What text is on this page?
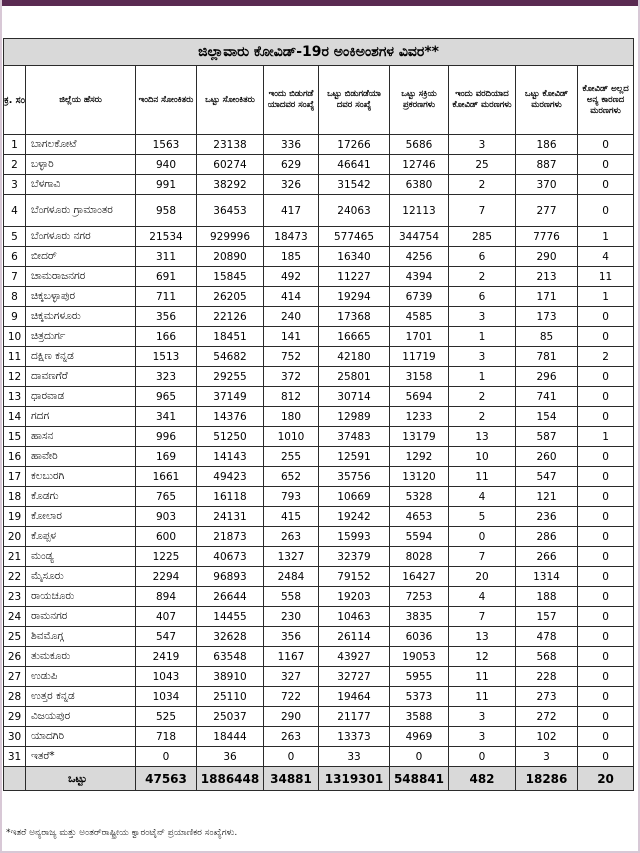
ಜಿಲ್ಲಾವಾರು ಕೋವಿಡ್-19ರ ಅಂಕಿಅಂಶಗಳ ವಿವರ**									
ಕ್ರ. ಸಂ	ಜಿಲ್ಲೆಯ ಹೆಸರು	ಇಂದಿನ ಸೋಂಕಿತರು	ಒಟ್ಟು ಸೋಂಕಿತರು	ಇಂದು ಬಿಡುಗಡೆ ಯಾದವರ ಸಂಖ್ಯೆ	ಒಟ್ಟು ಬಿಡುಗಡೆಯಾ ದವರ ಸಂಖ್ಯೆ	ಒಟ್ಟು ಸಕ್ರಿಯ ಪ್ರಕರಣಗಳು	ಇಂದು ವರದಿಯಾದ ಕೋವಿಡ್ ಮರಣಗಳು	ಒಟ್ಟು ಕೋವಿಡ್ ಮರಣಗಳು	ಕೋವಿಡ್ ಅಲ್ಲದ ಅನ್ಯ ಕಾರಣದ ಮರಣಗಳು
1	ಬಾಗಲಕೋಟೆ	1563	23138	336	17266	5686	3	186	0
2	ಬಳ್ಳಾರಿ	940	60274	629	46641	12746	25	887	0
3	ಬೆಳಗಾವಿ	991	38292	326	31542	6380	2	370	0
4	ಬೆಂಗಳೂರು ಗ್ರಾಮಾಂತರ	958	36453	417	24063	12113	7	277	0
5	ಬೆಂಗಳೂರು ನಗರ	21534	929996	18473	577465	344754	285	7776	1
6	ಬೀದರ್	311	20890	185	16340	4256	6	290	4
7	ಚಾಮರಾಜನಗರ	691	15845	492	11227	4394	2	213	11
8	ಚಿಕ್ಕಬಳ್ಳಾಪುರ	711	26205	414	19294	6739	6	171	1
9	ಚಿಕ್ಕಮಗಳೂರು	356	22126	240	17368	4585	3	173	0
10	ಚಿತ್ರದುರ್ಗ	166	18451	141	16665	1701	1	85	0
11	ದಕ್ಷಿಣ ಕನ್ನಡ	1513	54682	752	42180	11719	3	781	2
12	ದಾವಣಗೆರೆ	323	29255	372	25801	3158	1	296	0
13	ಧಾರವಾಡ	965	37149	812	30714	5694	2	741	0
14	ಗದಗ	341	14376	180	12989	1233	2	154	0
15	ಹಾಸನ	996	51250	1010	37483	13179	13	587	1
16	ಹಾವೇರಿ	169	14143	255	12591	1292	10	260	0
17	ಕಲಬುರಗಿ	1661	49423	652	35756	13120	11	547	0
18	ಕೊಡಗು	765	16118	793	10669	5328	4	121	0
19	ಕೋಲಾರ	903	24131	415	19242	4653	5	236	0
20	ಕೊಪ್ಪಳ	600	21873	263	15993	5594	0	286	0
21	ಮಂಡ್ಯ	1225	40673	1327	32379	8028	7	266	0
22	ಮೈಸೂರು	2294	96893	2484	79152	16427	20	1314	0
23	ರಾಯಚೂರು	894	26644	558	19203	7253	4	188	0
24	ರಾಮನಗರ	407	14455	230	10463	3835	7	157	0
25	ಶಿವಮೊಗ್ಗ	547	32628	356	26114	6036	13	478	0
26	ತುಮಕೂರು	2419	63548	1167	43927	19053	12	568	0
27	ಉಡುಪಿ	1043	38910	327	32727	5955	11	228	0
28	ಉತ್ತರ ಕನ್ನಡ	1034	25110	722	19464	5373	11	273	0
29	ವಿಜಯಪುರ	525	25037	290	21177	3588	3	272	0
30	ಯಾದಗಿರಿ	718	18444	263	13373	4969	3	102	0
31	ಇತರೆ*	0	36	0	33	0	0	3	0
	ಒಟ್ಟು	47563	1886448	34881	1319301	548841	482	18286	20
*ಇತರೆ ಅನ್ಯರಾಜ್ಯ ಮತ್ತು ಅಂತರ್‌ರಾಷ್ಟ್ರೀಯ ಕ್ವಾರಂಟೈನ್ ಪ್ರಯಾಣಿಕರ ಸಂಖ್ಯೆಗಳು.
